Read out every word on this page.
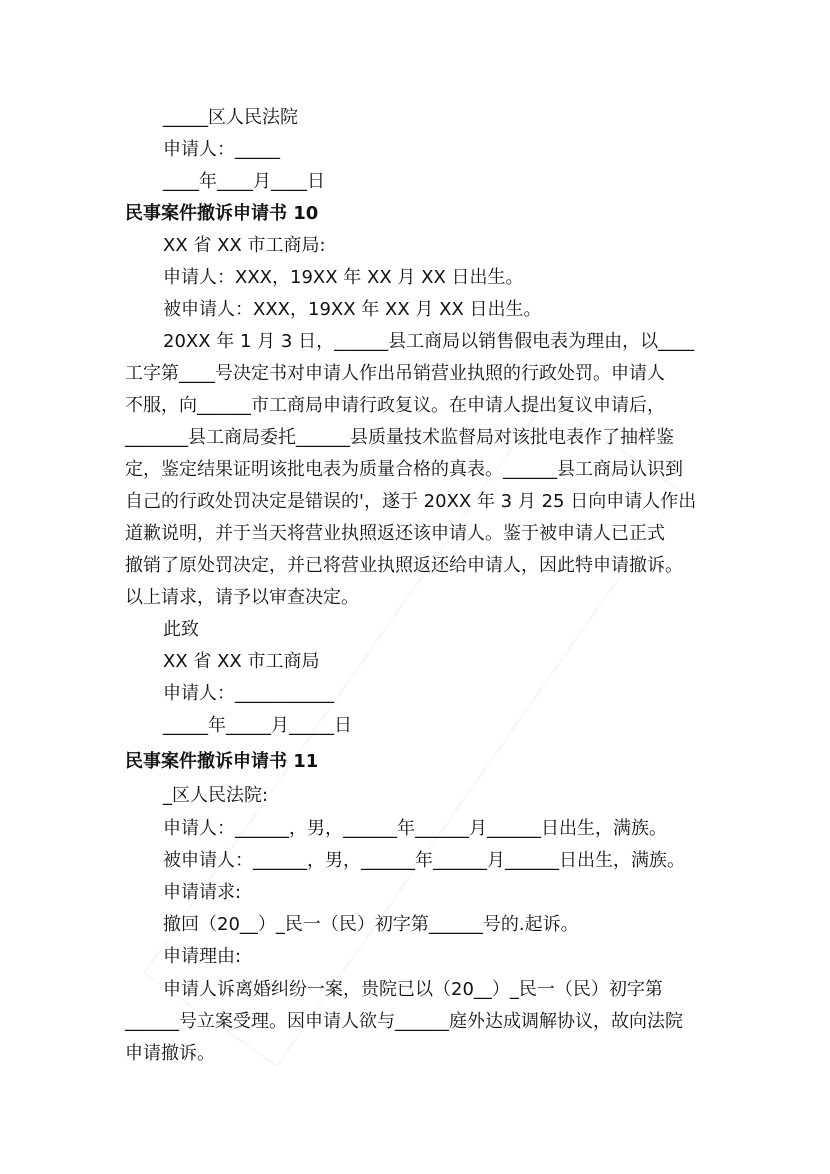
_____区人民法院
申请人：_____
____年____月____日
民事案件撤诉申请书 10
XX 省 XX 市工商局:
申请人：XXX，19XX 年 XX 月 XX 日出生。
被申请人：XXX，19XX 年 XX 月 XX 日出生。
20XX 年 1 月 3 日，______县工商局以销售假电表为理由，以____
工字第____号决定书对申请人作出吊销营业执照的行政处罚。申请人
不服，向______市工商局申请行政复议。在申请人提出复议申请后，
_______县工商局委托______县质量技术监督局对该批电表作了抽样鉴
定，鉴定结果证明该批电表为质量合格的真表。______县工商局认识到
自己的行政处罚决定是错误的'，遂于 20XX 年 3 月 25 日向申请人作出
道歉说明，并于当天将营业执照返还该申请人。鉴于被申请人已正式
撤销了原处罚决定，并已将营业执照返还给申请人，因此特申请撤诉。
以上请求，请予以审查决定。
此致
XX 省 XX 市工商局
申请人：___________
_____年_____月_____日
民事案件撤诉申请书 11
_区人民法院:
申请人：______，男，______年______月______日出生，满族。
被申请人：______，男，______年______月______日出生，满族。
申请请求:
撤回（20__）_民一（民）初字第______号的.起诉。
申请理由:
申请人诉离婚纠纷一案，贵院已以（20__）_民一（民）初字第
______号立案受理。因申请人欲与______庭外达成调解协议，故向法院
申请撤诉。
